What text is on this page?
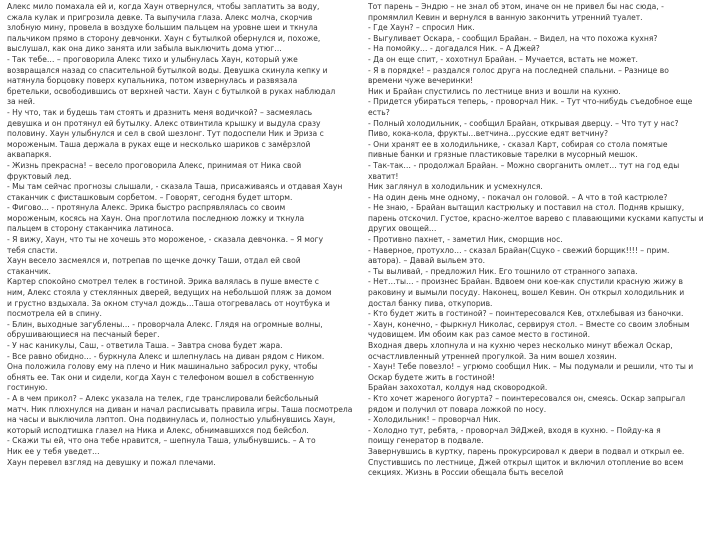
Алекс мило помахала ей и, когда Хаун отвернулся, чтобы заплатить за воду,
сжала кулак и пригрозила девке. Та выпучила глаза. Алекс молча, скорчив
злобную мину, провела в воздухе большим пальцем на уровне шеи и ткнула
пальчиком прямо в сторону девчонки. Хаун с бутылкой обернулся и, похоже,
выслушал, как она дико занята или забыла выключить дома утюг…
- Так тебе… – проговорила Алекс тихо и улыбнулась Хаун, который уже
возвращался назад со спасительной бутылкой воды. Девушка скинула кепку и
натянула борцовку поверх купальника, потом извернулась и развязала
бретельки, освободившись от верхней части. Хаун с бутылкой в руках наблюдал
за ней.
- Ну что, так и будешь там стоять и дразнить меня водичкой? – засмеялась
девушка и он протянул ей бутылку. Алекс отвинтила крышку и выдула сразу
половину. Хаун улыбнулся и сел в свой шезлонг. Тут подоспели Ник и Эриза с
мороженым. Таша держала в руках еще и несколько шариков с замёрзлой
аквапаркя.
- Жизнь прекрасна! – весело проговорила Алекс, принимая от Ника свой
фруктовый лед.
- Мы там сейчас прогнозы слышали, - сказала Таша, присаживаясь и отдавая Хаун
стаканчик с фисташковым сорбетом. – Говорят, сегодня будет шторм.
- Фигово… - протянула Алекс. Эрика быстро распрявлялась со своим
мороженым, косясь на Хаун. Она проглотила последнюю ложку и ткнула
пальцем в сторону стаканчика латиноса.
- Я вижу, Хаун, что ты не хочешь это мороженое, - сказала девчонка. – Я могу
тебя спасти.
Хаун весело засмеялся и, потрепав по щечке дочку Таши, отдал ей свой
стаканчик.
Картер спокойно смотрел телек в гостиной. Эрика валялась в пуше вместе с
ним, Алекс стояла у стеклянных дверей, ведущих на небольшой пляж за домом
и грустно вздыхала. За окном стучал дождь…Таша отогревалась от ноутбука и
посмотрела ей в спину.
- Блин, выходные загублены… - проворчала Алекс. Глядя на огромные волны,
обрушивающиеся на песчаный берег.
- У нас каникулы, Саш, - ответила Таша. – Завтра снова будет жара.
- Все равно обидно… - буркнула Алекс и шлепнулась на диван рядом с Ником.
Она положила голову ему на плечо и Ник машинально забросил руку, чтобы
обнять ее. Так они и сидели, когда Хаун с телефоном вошел в собственную
гостиную.
- А в чем прикол? – Алекс указала на телек, где транслировали бейсбольный
матч. Ник плюхнулся на диван и начал расписывать правила игры. Таша посмотрела
на часы и выключила лэптоп. Она подвинулась и, полностью улыбнувшись Хаун,
который исподтишка глазел на Ника и Алекс, обнимавшихся под бейсбол.
- Скажи ты ей, что она тебе нравится, – шепнула Таша, улыбнувшись. – А то
Ник ее у тебя уведет…
Хаун перевел взгляд на девушку и пожал плечами.
Тот парень – Эндрю – не знал об этом, иначе он не привел бы нас сюда, -
промямлил Кевин и вернулся в ванную закончить утренний туалет.
- Где Хаун? – спросил Ник.
- Выгуливает Оскара, - сообщил Брайан. – Видел, на что похожа кухня?
- На помойку… - догадался Ник. – А Джей?
- Да он еще спит, - хохотнул Брайан. – Мучается, встать не может.
- Я в порядке! – раздался голос друга на последней спальни. – Разнице во
времени чуже вечеринки!
Ник и Брайан спустились по лестнице вниз и вошли на кухню.
- Придется убираться теперь, - проворчал Ник. – Тут что-нибудь съедобное еще
есть?
- Полный холодильник, - сообщил Брайан, открывая дверцу. – Что тут у нас?
Пиво, кока-кола, фрукты…ветчина…русские едят ветчину?
- Они хранят ее в холодильнике, - сказал Карт, собирая со стола помятые
пивные банки и грязные пластиковые тарелки в мусорный мешок.
- Так-так… - продолжал Брайан. – Можно сворганить омлет… тут на год еды
хватит!
Ник заглянул в холодильник и усмехнулся.
- На один день мне одному, - покачал он головой. – А что в той кастрюле?
- Не знаю, - Брайан вытащил кастрюльку и поставил на стол. Подняв крышку,
парень отскочил. Густое, красно-желтое варево с плавающими кусками капусты и
других овощей…
- Противно пахнет, - заметил Ник, сморщив нос.
- Наверное, протухло… - сказал Брайан(Сцуко - свежий борщик!!!! – прим.
автора). – Давай выльем это.
- Ты выливай, - предложил Ник. Его тошнило от странного запаха.
- Нет…ты… - произнес Брайан. Вдвоем они кое-как спустили красную жижу в
раковину и вымыли посуду. Наконец, вошел Кевин. Он открыл холодильник и
достал банку пива, откупорив.
- Кто будет жить в гостиной? – поинтересовался Кев, отхлебывая из баночки.
- Хаун, конечно, - фыркнул Николас, сервируя стол. – Вместе со своим злобным
чудовищем. Им обоим как раз самое место в гостиной.
Входная дверь хлопнула и на кухню через несколько минут вбежал Оскар,
осчастливленный утренней прогулкой. За ним вошел хозяин.
- Хаун! Тебе повезло! – угрюмо сообщил Ник. – Мы подумали и решили, что ты и
Оскар будете жить в гостиной!
Брайан захохотал, колдуя над сковородкой.
- Кто хочет жареного йогурта? – поинтересовался он, смеясь. Оскар запрыгал
рядом и получил от повара ложкой по носу.
- Холодильник! – проворчал Ник.
- Холодно тут, ребята, - проворчал ЭйДжей, входя в кухню. – Пойду-ка я
поищу генератор в подвале.
Завернувшись в куртку, парень прокурсировал к двери в подвал и открыл ее.
Спустившись по лестнице, Джей открыл щиток и включил отопление во всем
секциях. Жизнь в России обещала быть веселой
